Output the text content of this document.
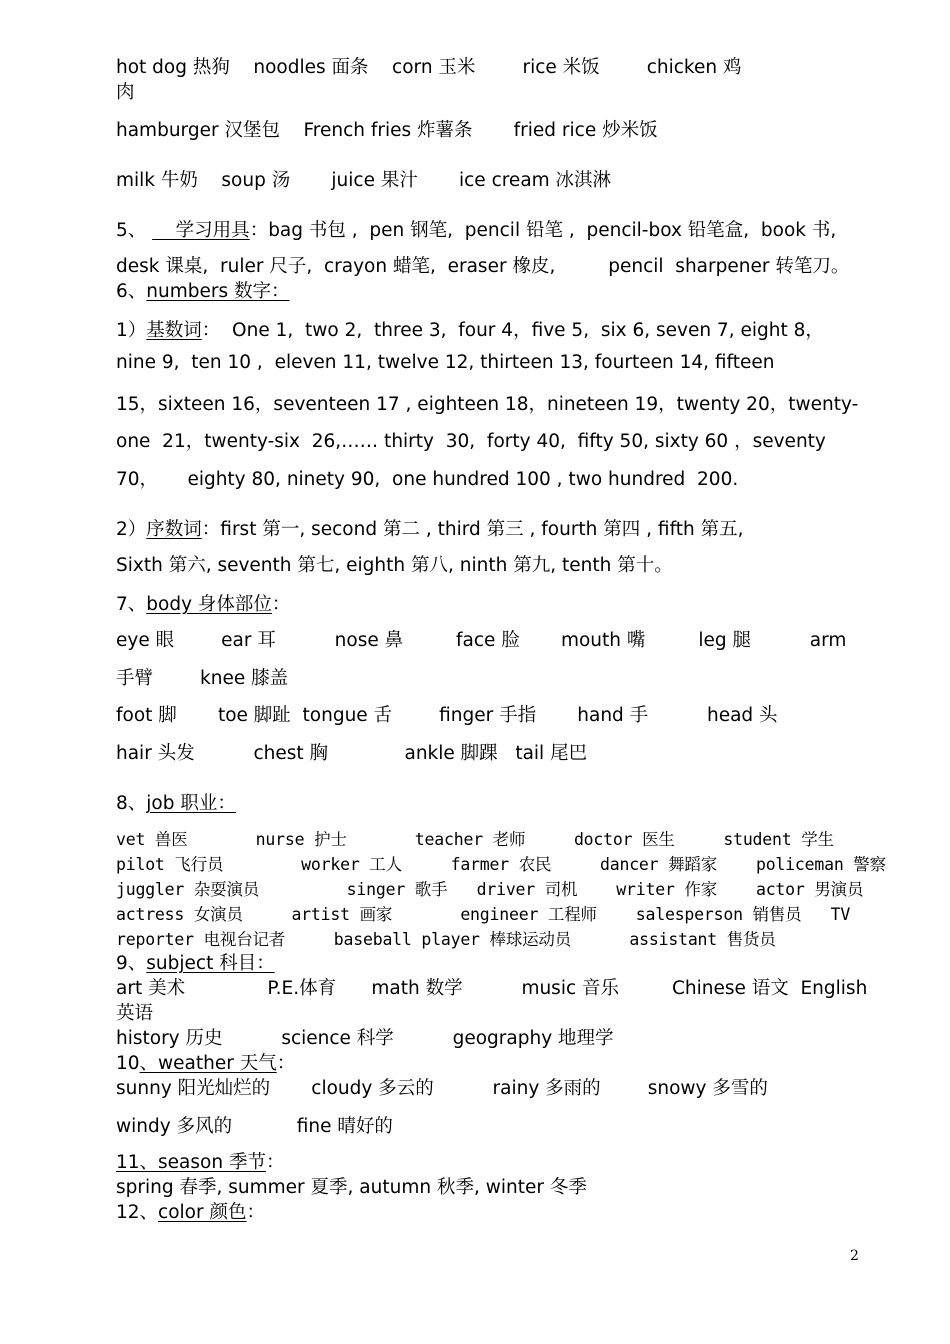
hot dog 热狗    noodles 面条    corn 玉米        rice 米饭        chicken 鸡
肉
hamburger 汉堡包    French fries 炸薯条       fried rice 炒米饭
milk 牛奶    soup 汤       juice 果汁       ice cream 冰淇淋
5、     学习用具：bag 书包 ,  pen 钢笔,  pencil 铅笔 ,  pencil-box 铅笔盒,  book 书,
desk 课桌,  ruler 尺子,  crayon 蜡笔,  eraser 橡皮,         pencil  sharpener 转笔刀。
6、numbers 数字：
1）基数词：  One 1,  two 2,  three 3,  four 4，five 5,  six 6, seven 7, eight 8，
nine 9,  ten 10 ,  eleven 11, twelve 12, thirteen 13, fourteen 14, fifteen
15，sixteen 16，seventeen 17 , eighteen 18，nineteen 19，twenty 20，twenty-
one  21，twenty-six  26,…… thirty  30,  forty 40,  fifty 50, sixty 60 ，seventy
70，     eighty 80, ninety 90,  one hundred 100 , two hundred  200.
2）序数词：first 第一, second 第二 , third 第三 , fourth 第四 , fifth 第五,
Sixth 第六, seventh 第七, eighth 第八, ninth 第九, tenth 第十。
7、body 身体部位：
eye 眼        ear 耳          nose 鼻         face 脸       mouth 嘴         leg 腿          arm
手臂        knee 膝盖
foot 脚       toe 脚趾  tongue 舌        finger 手指       hand 手          head 头
hair 头发          chest 胸             ankle 脚踝   tail 尾巴
8、job 职业：
vet 兽医       nurse 护士       teacher 老师     doctor 医生     student 学生
pilot 飞行员        worker 工人     farmer 农民     dancer 舞蹈家    policeman 警察
juggler 杂耍演员         singer 歌手   driver 司机    writer 作家    actor 男演员
actress 女演员     artist 画家       engineer 工程师    salesperson 销售员   TV
reporter 电视台记者     baseball player 棒球运动员      assistant 售货员
9、subject 科目：
art 美术              P.E.体育      math 数学          music 音乐         Chinese 语文  English
英语
history 历史          science 科学          geography 地理学
10、weather 天气：
sunny 阳光灿烂的       cloudy 多云的          rainy 多雨的        snowy 多雪的
windy 多风的           fine 晴好的
11、season 季节：
spring 春季, summer 夏季, autumn 秋季, winter 冬季
12、color 颜色：
2
